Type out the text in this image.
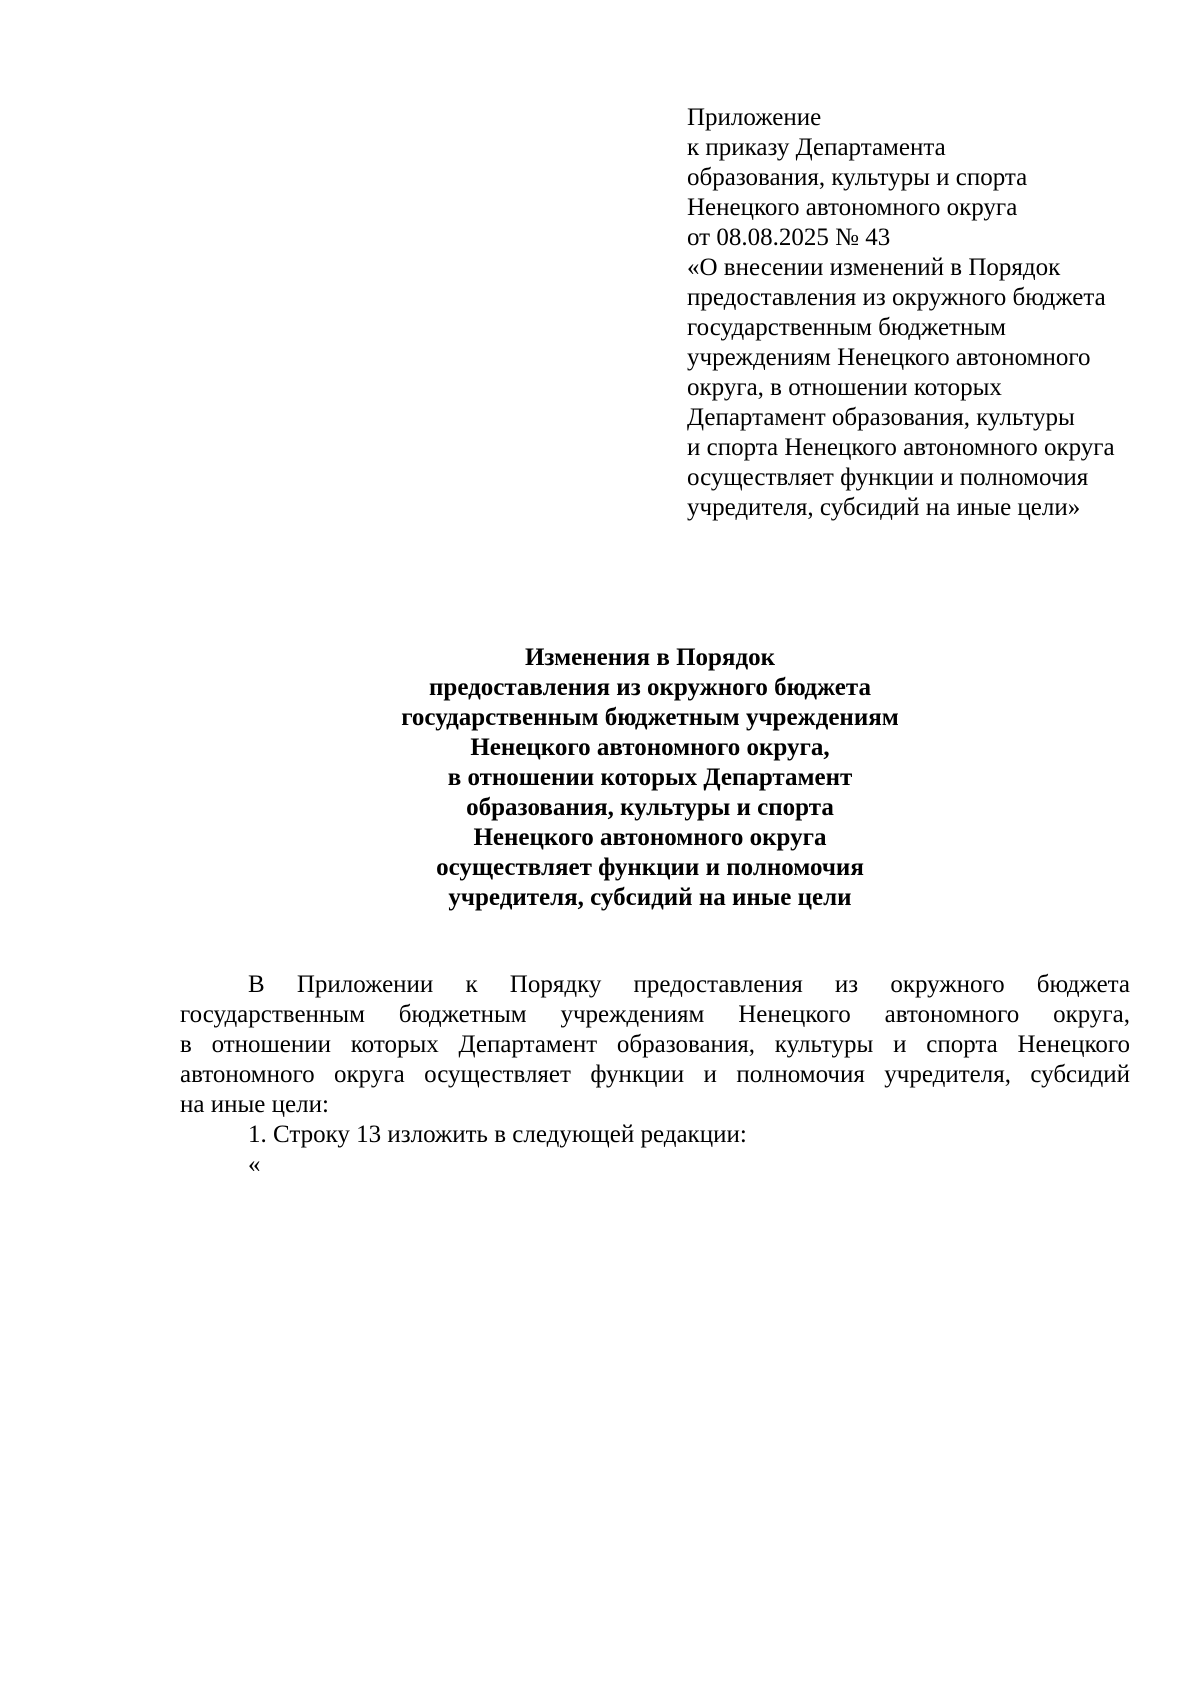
Приложение
к приказу Департамента
образования, культуры и спорта
Ненецкого автономного округа
от 08.08.2025 № 43
«О внесении изменений в Порядок
предоставления из окружного бюджета
государственным бюджетным
учреждениям Ненецкого автономного
округа, в отношении которых
Департамент образования, культуры
и спорта Ненецкого автономного округа
осуществляет функции и полномочия
учредителя, субсидий на иные цели»
Изменения в Порядок
предоставления из окружного бюджета
государственным бюджетным учреждениям
Ненецкого автономного округа,
в отношении которых Департамент
образования, культуры и спорта
Ненецкого автономного округа
осуществляет функции и полномочия
учредителя, субсидий на иные цели
В Приложении к Порядку предоставления из окружного бюджета
государственным бюджетным учреждениям Ненецкого автономного округа,
в отношении которых Департамент образования, культуры и спорта Ненецкого
автономного округа осуществляет функции и полномочия учредителя, субсидий
на иные цели:
1. Строку 13 изложить в следующей редакции:
«
